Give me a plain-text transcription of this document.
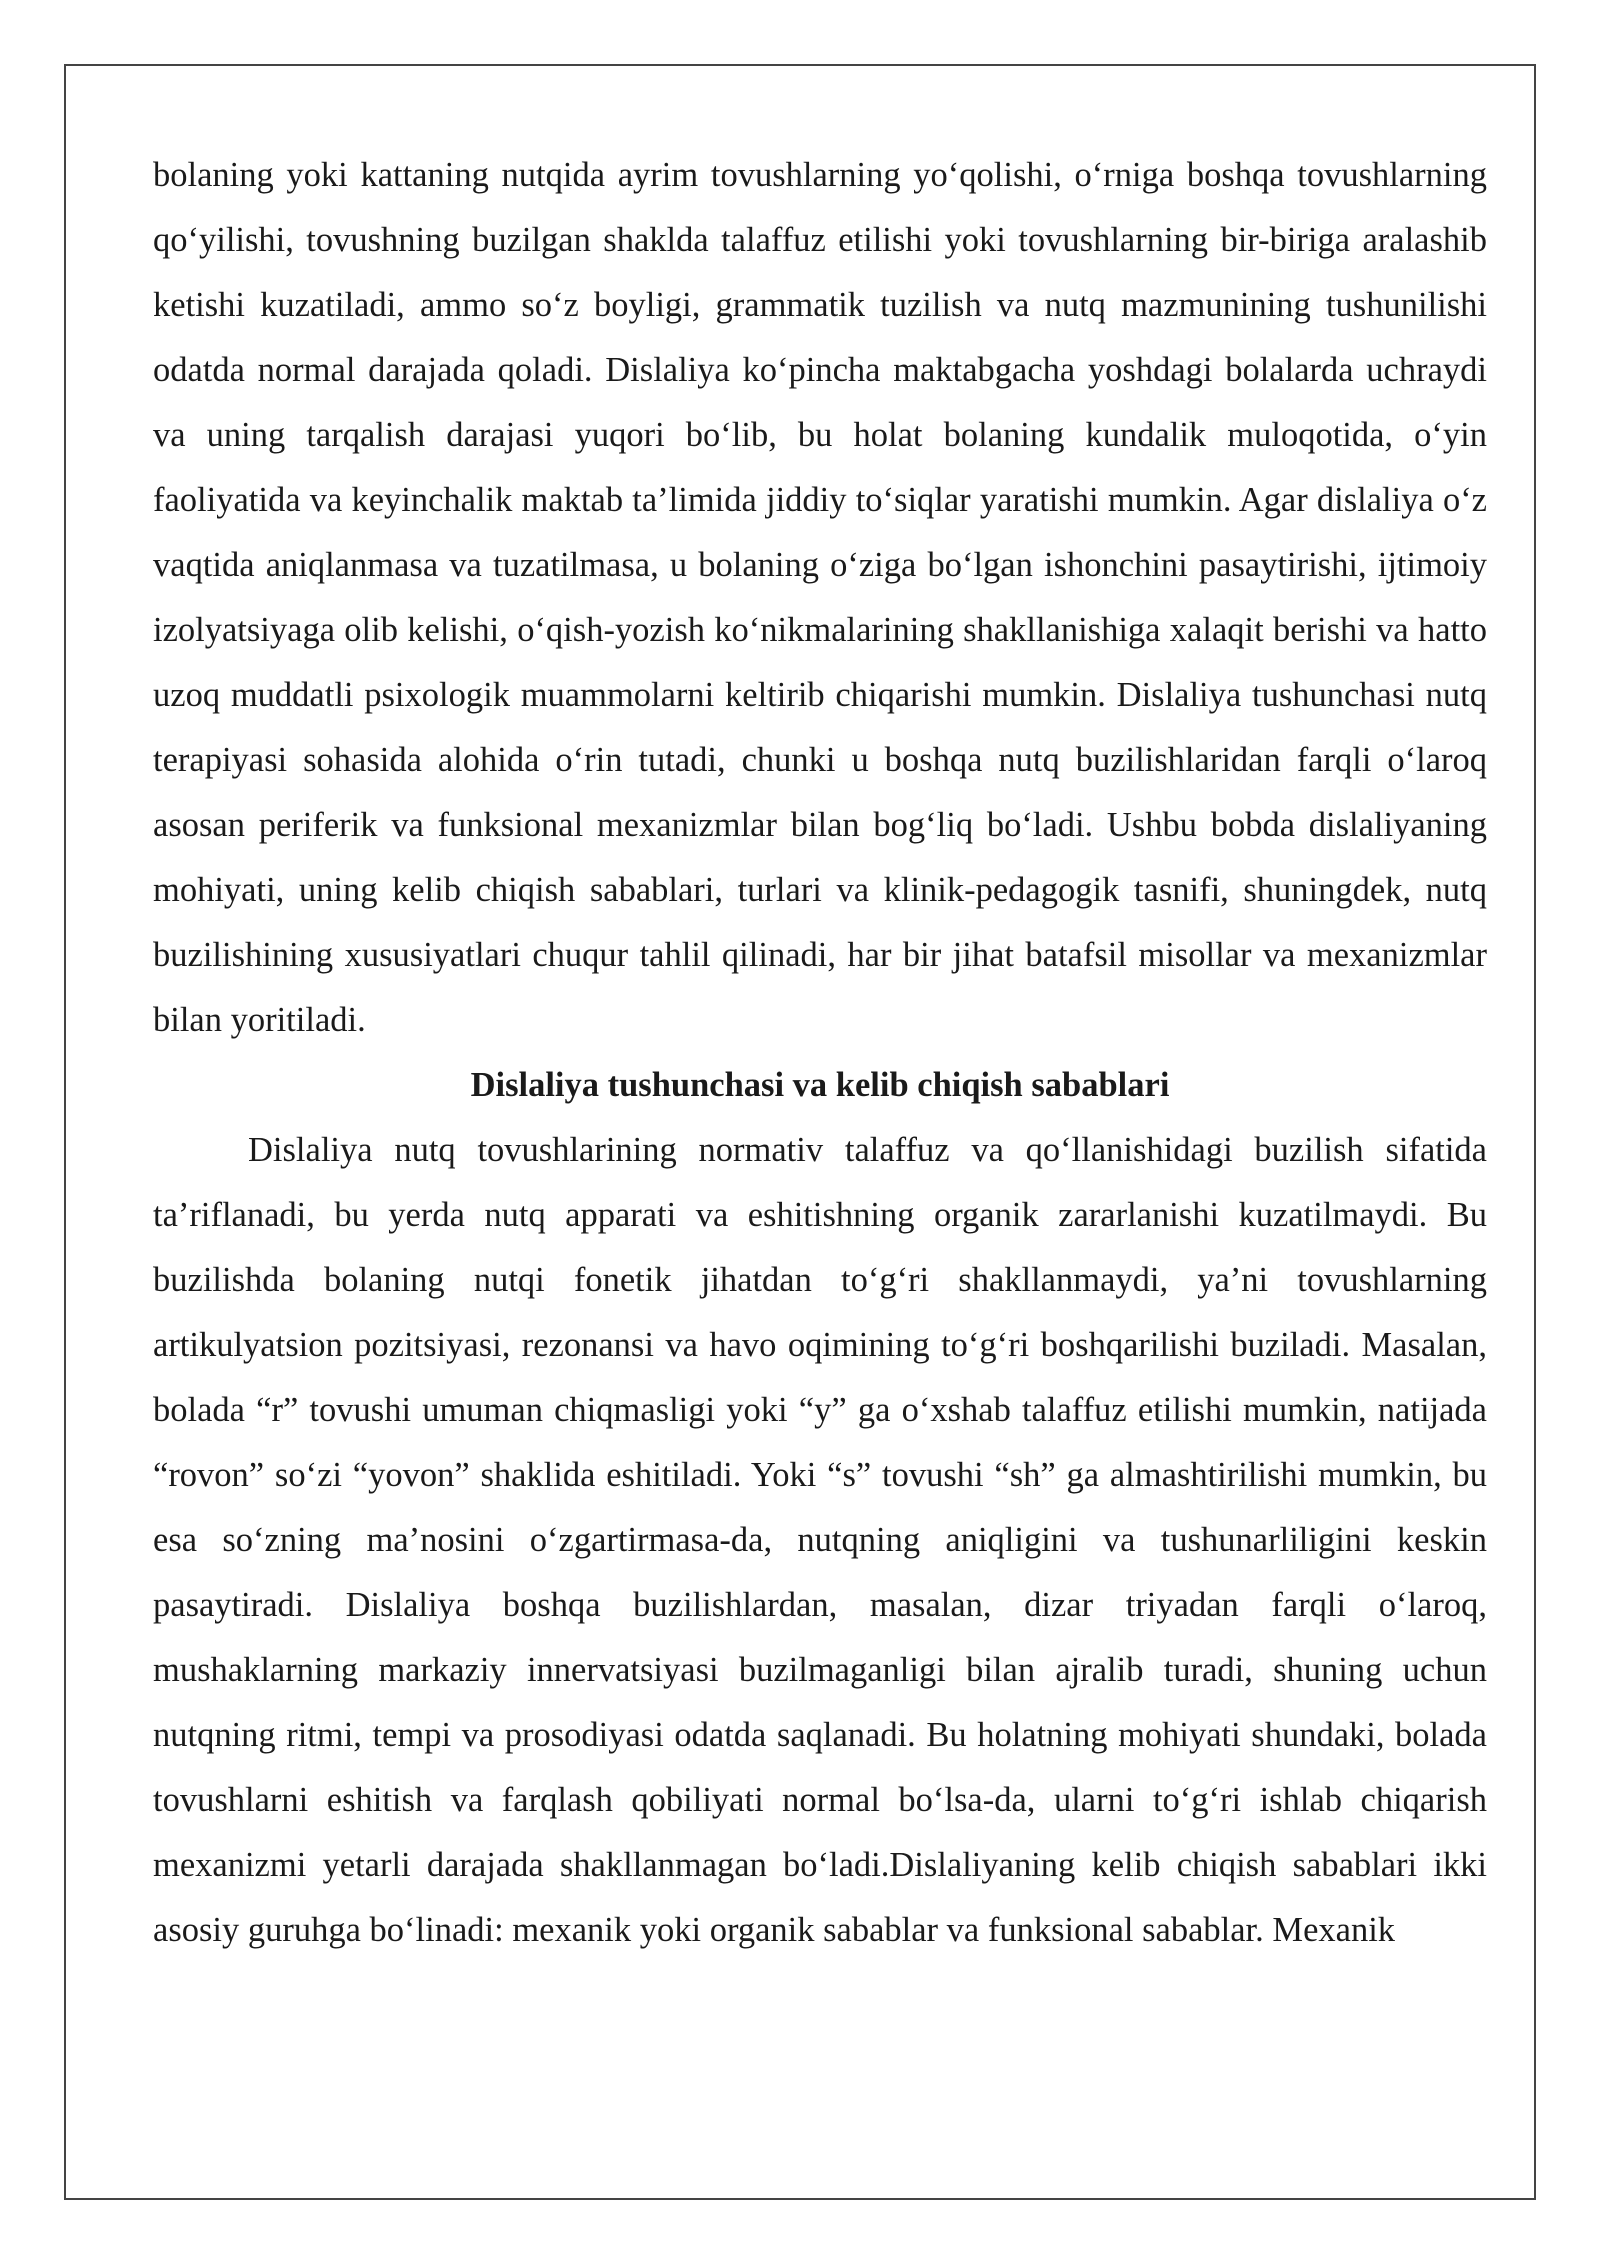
bolaning yoki kattaning nutqida ayrim tovushlarning yo‘qolishi, o‘rniga boshqa tovushlarning qo‘yilishi, tovushning buzilgan shaklda talaffuz etilishi yoki tovushlarning bir-biriga aralashib ketishi kuzatiladi, ammo so‘z boyligi, grammatik tuzilish va nutq mazmunining tushunilishi odatda normal darajada qoladi. Dislaliya ko‘pincha maktabgacha yoshdagi bolalarda uchraydi va uning tarqalish darajasi yuqori bo‘lib, bu holat bolaning kundalik muloqotida, o‘yin faoliyatida va keyinchalik maktab ta’limida jiddiy to‘siqlar yaratishi mumkin. Agar dislaliya o‘z vaqtida aniqlanmasa va tuzatilmasa, u bolaning o‘ziga bo‘lgan ishonchini pasaytirishi, ijtimoiy izolyatsiyaga olib kelishi, o‘qish-yozish ko‘nikmalarining shakllanishiga xalaqit berishi va hatto uzoq muddatli psixologik muammolarni keltirib chiqarishi mumkin. Dislaliya tushunchasi nutq terapiyasi sohasida alohida o‘rin tutadi, chunki u boshqa nutq buzilishlaridan farqli o‘laroq asosan periferik va funksional mexanizmlar bilan bog‘liq bo‘ladi. Ushbu bobda dislaliyaning mohiyati, uning kelib chiqish sabablari, turlari va klinik-pedagogik tasnifi, shuningdek, nutq buzilishining xususiyatlari chuqur tahlil qilinadi, har bir jihat batafsil misollar va mexanizmlar bilan yoritiladi.

Dislaliya tushunchasi va kelib chiqish sabablari

Dislaliya nutq tovushlarining normativ talaffuz va qo‘llanishidagi buzilish sifatida ta’riflanadi, bu yerda nutq apparati va eshitishning organik zararlanishi kuzatilmaydi. Bu buzilishda bolaning nutqi fonetik jihatdan to‘g‘ri shakllanmaydi, ya’ni tovushlarning artikulyatsion pozitsiyasi, rezonansi va havo oqimining to‘g‘ri boshqarilishi buziladi. Masalan, bolada “r” tovushi umuman chiqmasligi yoki “y” ga o‘xshab talaffuz etilishi mumkin, natijada “rovon” so‘zi “yovon” shaklida eshitiladi. Yoki “s” tovushi “sh” ga almashtirilishi mumkin, bu esa so‘zning ma’nosini o‘zgartirmasa-da, nutqning aniqligini va tushunarliligini keskin pasaytiradi. Dislaliya boshqa buzilishlardan, masalan, dizar triyadan farqli o‘laroq, mushaklarning markaziy innervatsiyasi buzilmaganligi bilan ajralib turadi, shuning uchun nutqning ritmi, tempi va prosodiyasi odatda saqlanadi. Bu holatning mohiyati shundaki, bolada tovushlarni eshitish va farqlash qobiliyati normal bo‘lsa-da, ularni to‘g‘ri ishlab chiqarish mexanizmi yetarli darajada shakllanmagan bo‘ladi.Dislaliyaning kelib chiqish sabablari ikki asosiy guruhga bo‘linadi: mexanik yoki organik sabablar va funksional sabablar. Mexanik
